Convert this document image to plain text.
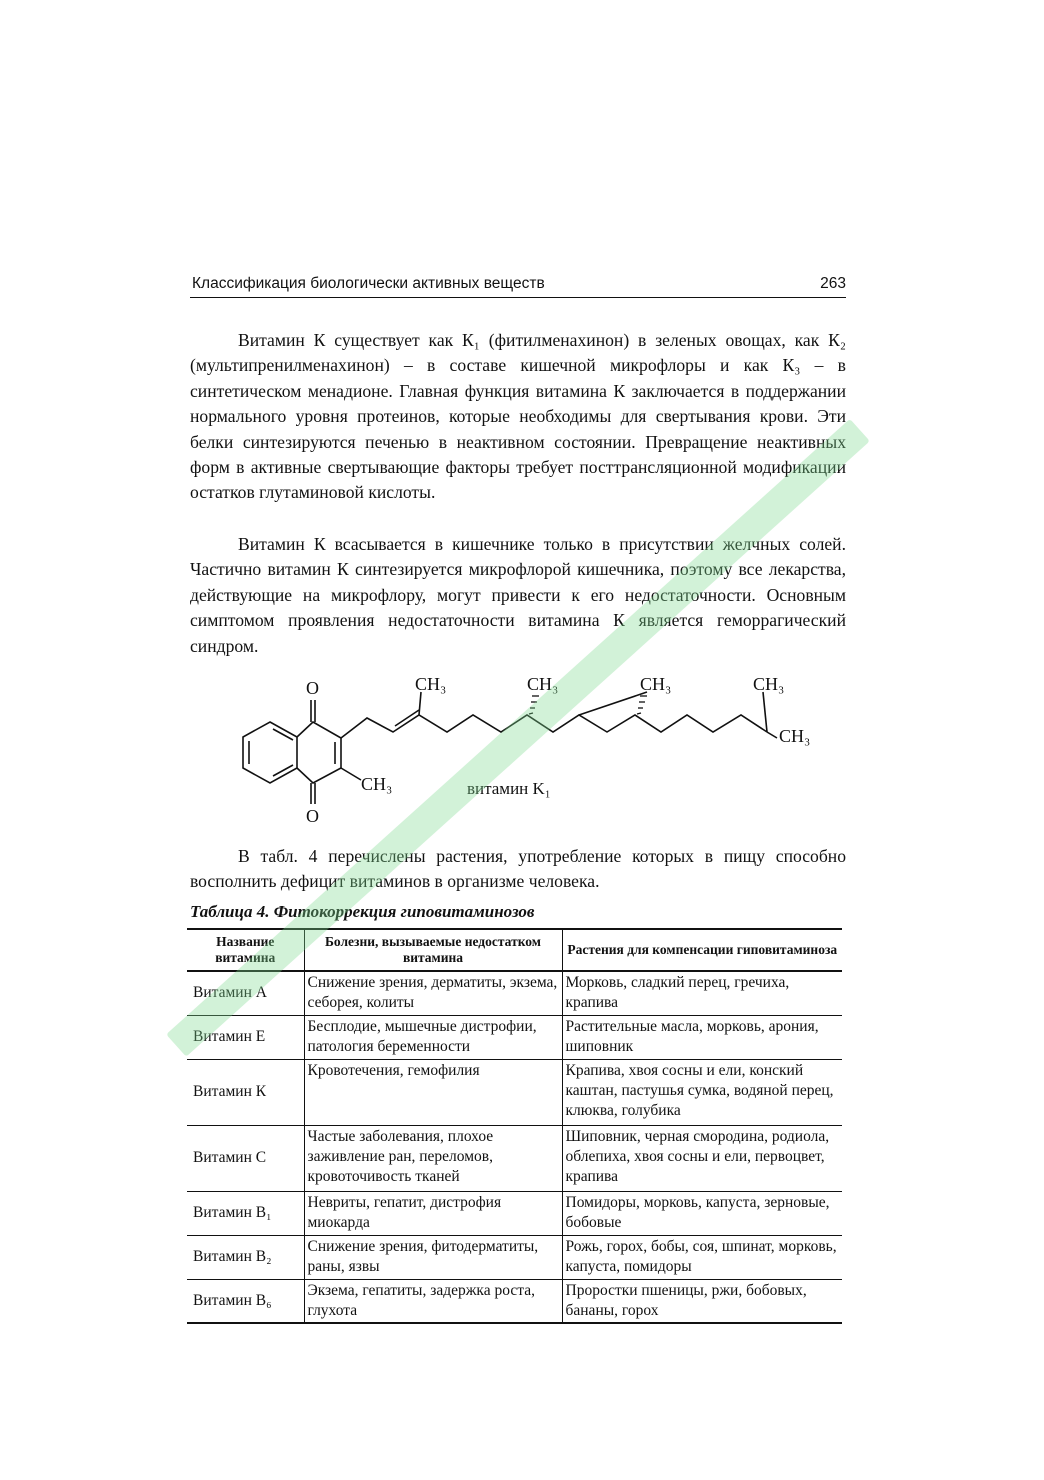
Классификация биологически активных веществ	263

Витамин К существует как К₁ (фитилменахинон) в зеленых овощах, как К₂ (мультипренилменахинон) – в составе кишечной микрофлоры и как К₃ – в синтетическом менадионе. Главная функция витамина К заключается в поддержании нормального уровня протеинов, которые необходимы для свертывания крови. Эти белки синтезируются печенью в неактивном состоянии. Превращение неактивных форм в активные свертывающие факторы требует посттрансляционной модификации остатков глутаминовой кислоты.

Витамин К всасывается в кишечнике только в присутствии желчных солей. Частично витамин К синтезируется микрофлорой кишечника, поэтому все лекарства, действующие на микрофлору, могут привести к его недостаточности. Основным симптомом проявления недостаточности витамина К является геморрагический синдром.

O
O
CH₃
CH₃	CH₃	CH₃	CH₃
CH₃
витамин K₁

В табл. 4 перечислены растения, употребление которых в пищу способно восполнить дефицит витаминов в организме человека.

Таблица 4. Фитокоррекция гиповитаминозов
Название витамина	Болезни, вызываемые недостатком витамина	Растения для компенсации гиповитаминоза
Витамин А	Снижение зрения, дерматиты, экзема, себорея, колиты	Морковь, сладкий перец, гречиха, крапива
Витамин Е	Бесплодие, мышечные дистрофии, патология беременности	Растительные масла, морковь, арония, шиповник
Витамин К	Кровотечения, гемофилия	Крапива, хвоя сосны и ели, конский каштан, пастушья сумка, водяной перец, клюква, голубика
Витамин С	Частые заболевания, плохое заживление ран, переломов, кровоточивость тканей	Шиповник, черная смородина, родиола, облепиха, хвоя сосны и ели, первоцвет, крапива
Витамин В₁	Невриты, гепатит, дистрофия миокарда	Помидоры, морковь, капуста, зерновые, бобовые
Витамин В₂	Снижение зрения, фитодерматиты, раны, язвы	Рожь, горох, бобы, соя, шпинат, морковь, капуста, помидоры
Витамин В₆	Экзема, гепатиты, задержка роста, глухота	Проростки пшеницы, ржи, бобовых, бананы, горох
